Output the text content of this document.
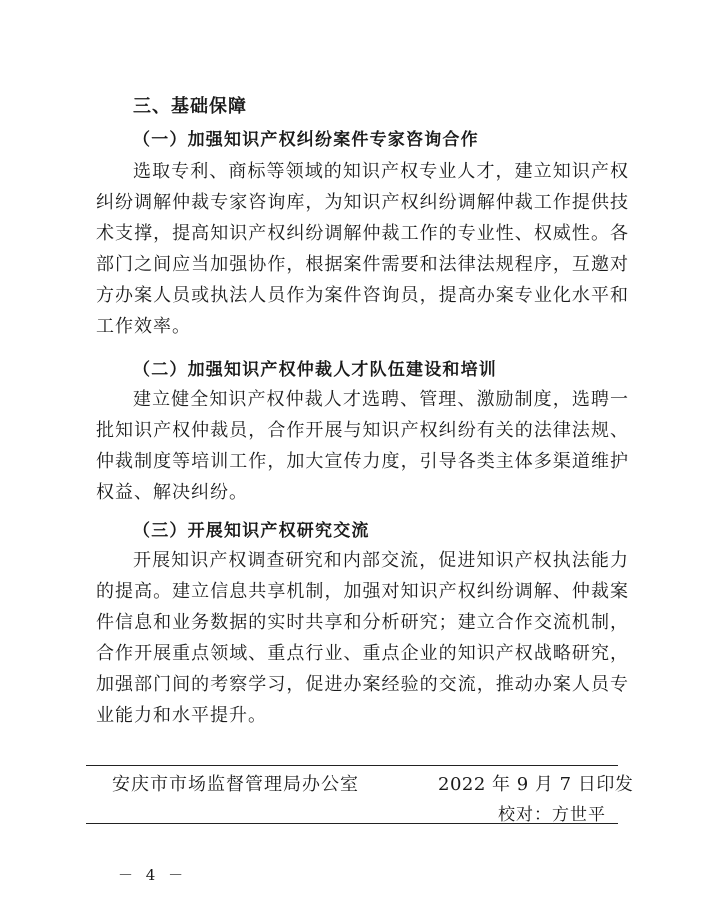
三、基础保障
（一）加强知识产权纠纷案件专家咨询合作
选取专利、商标等领域的知识产权专业人才，建立知识产权
纠纷调解仲裁专家咨询库，为知识产权纠纷调解仲裁工作提供技
术支撑，提高知识产权纠纷调解仲裁工作的专业性、权威性。各
部门之间应当加强协作，根据案件需要和法律法规程序，互邀对
方办案人员或执法人员作为案件咨询员，提高办案专业化水平和
工作效率。
（二）加强知识产权仲裁人才队伍建设和培训
建立健全知识产权仲裁人才选聘、管理、激励制度，选聘一
批知识产权仲裁员，合作开展与知识产权纠纷有关的法律法规、
仲裁制度等培训工作，加大宣传力度，引导各类主体多渠道维护
权益、解决纠纷。
（三）开展知识产权研究交流
开展知识产权调查研究和内部交流，促进知识产权执法能力
的提高。建立信息共享机制，加强对知识产权纠纷调解、仲裁案
件信息和业务数据的实时共享和分析研究；建立合作交流机制，
合作开展重点领域、重点行业、重点企业的知识产权战略研究，
加强部门间的考察学习，促进办案经验的交流，推动办案人员专
业能力和水平提升。
安庆市市场监督管理局办公室	2022 年 9 月 7 日印发
校对：方世平
－ 4 －
